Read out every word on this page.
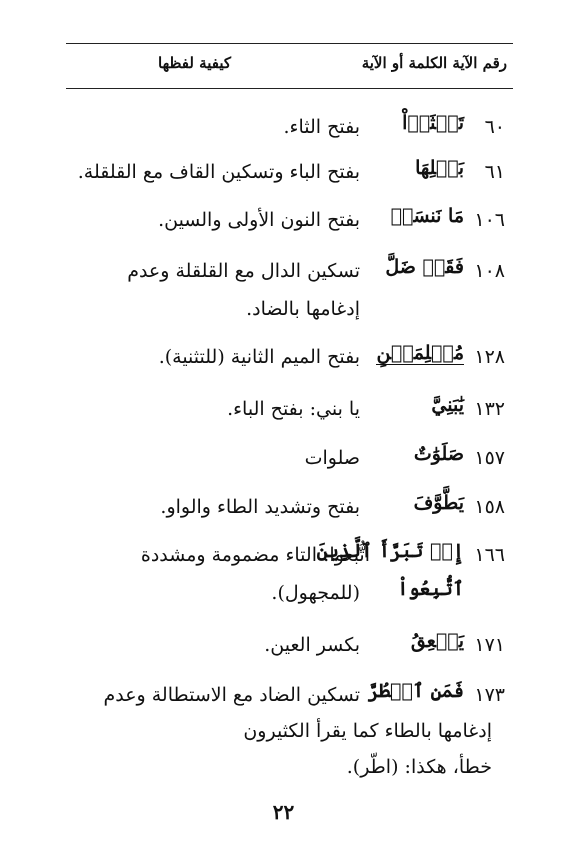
رقم الآية الكلمة أو الآية
كيفية لفظها
٦٠
تَعۡثَوۡاْ
بفتح الثاء.
٦١
بَقۡلِهَا
بفتح الباء وتسكين القاف مع القلقلة.
١٠٦
مَا نَنسَخۡ
بفتح النون الأولى والسين.
١٠٨
فَقَدۡ ضَلَّ
تسكين الدال مع القلقلة وعدم
إدغامها بالضاد.
١٢٨
مُسۡلِمَيۡنِ
بفتح الميم الثانية (للتثنية).
١٣٢
يَٰبَنِيَّ
يا بني: بفتح الباء.
١٥٧
صَلَوَٰتٌ
صلوات
١٥٨
يَطَّوَّفَ
بفتح وتشديد الطاء والواو.
١٦٦
إِذۡ تَبَرَّأَ ٱلَّذِينَ
ٱتُّبِعُواْ
اتُّبعوا: التاء مضمومة ومشددة
(للمجهول).
١٧١
يَنۡعِقُ
بكسر العين.
١٧٣
فَمَنِ ٱضۡطُرَّ
تسكين الضاد مع الاستطالة وعدم
إدغامها بالطاء كما يقرأ الكثيرون
خطأ، هكذا: (اطّر).
٢٢
